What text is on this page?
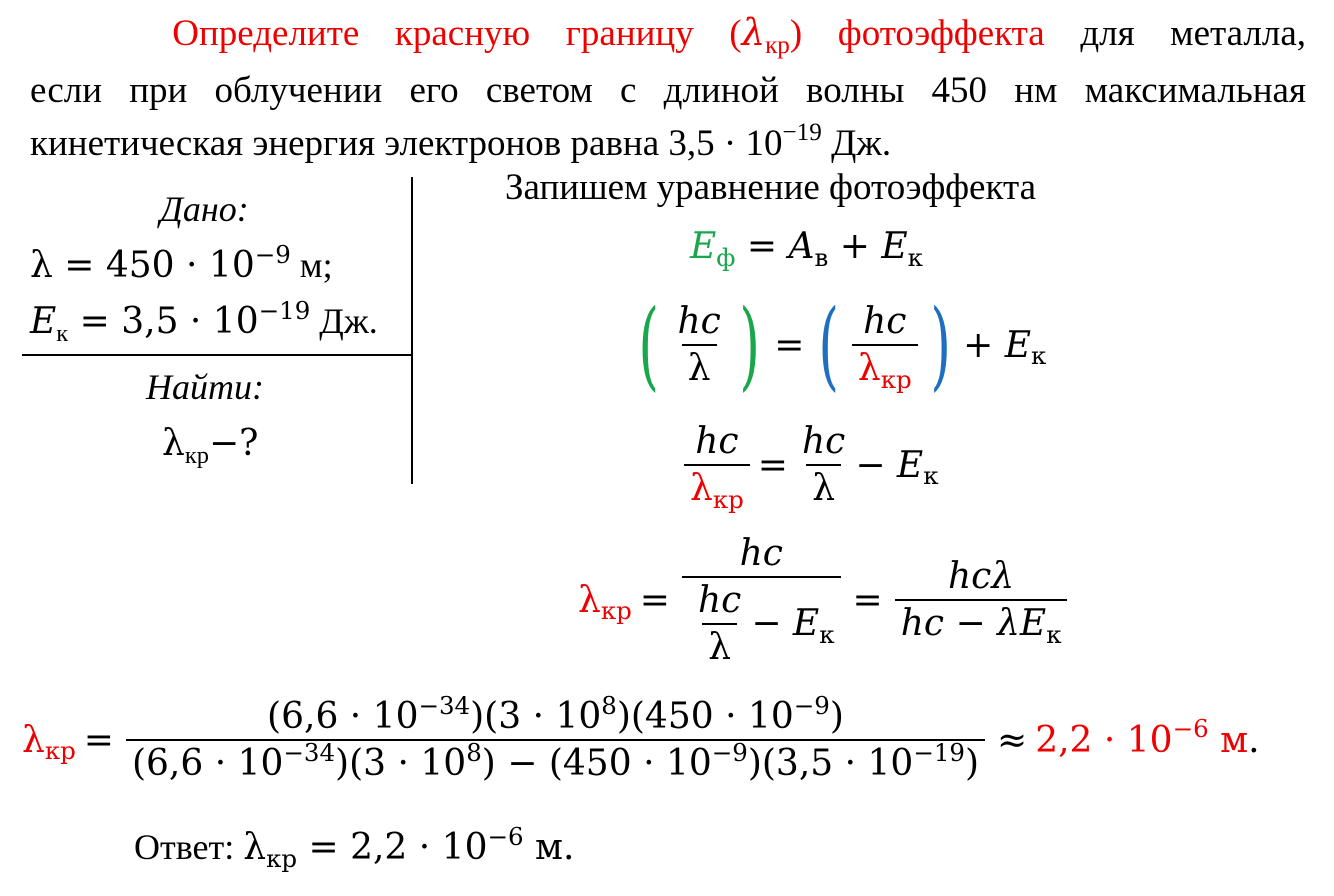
Определите красную границу $(\lambda_{кр})$ фотоэффекта для металла,
если при облучении его светом с длиной волны 450 нм максимальная
кинетическая энергия электронов равна $3,5 \cdot 10^{-19}$ Дж.
Дано:
$\lambda = 450 \cdot 10^{-9}$ м;
$E_к = 3,5 \cdot 10^{-19}$ Дж.
Найти:
$\lambda_{кр}-$?
Запишем уравнение фотоэффекта
$E_ф = A_в + E_к$
( $\frac{hc}{\lambda}$ ) = ( $\frac{hc}{\lambda_{кр}}$ ) + $E_к$
$\frac{hc}{\lambda_{кр}} = \frac{hc}{\lambda} - E_к$
$\lambda_{кр} = \frac{hc}{\frac{hc}{\lambda} - E_к} = \frac{\text{hcλ}}{hc - \lambda E_к}$
$\lambda_{кр} = \frac{(6,6 \cdot 10^{-34})(3 \cdot 10^8)(450 \cdot 10^{-9})}{(6,6 \cdot 10^{-34})(3 \cdot 10^8) - (450 \cdot 10^{-9})(3,5 \cdot 10^{-19})} \approx 2,2 \cdot 10^{-6}$ м .
Ответ: $\lambda_{кр} = 2,2 \cdot 10^{-6}$ м.
